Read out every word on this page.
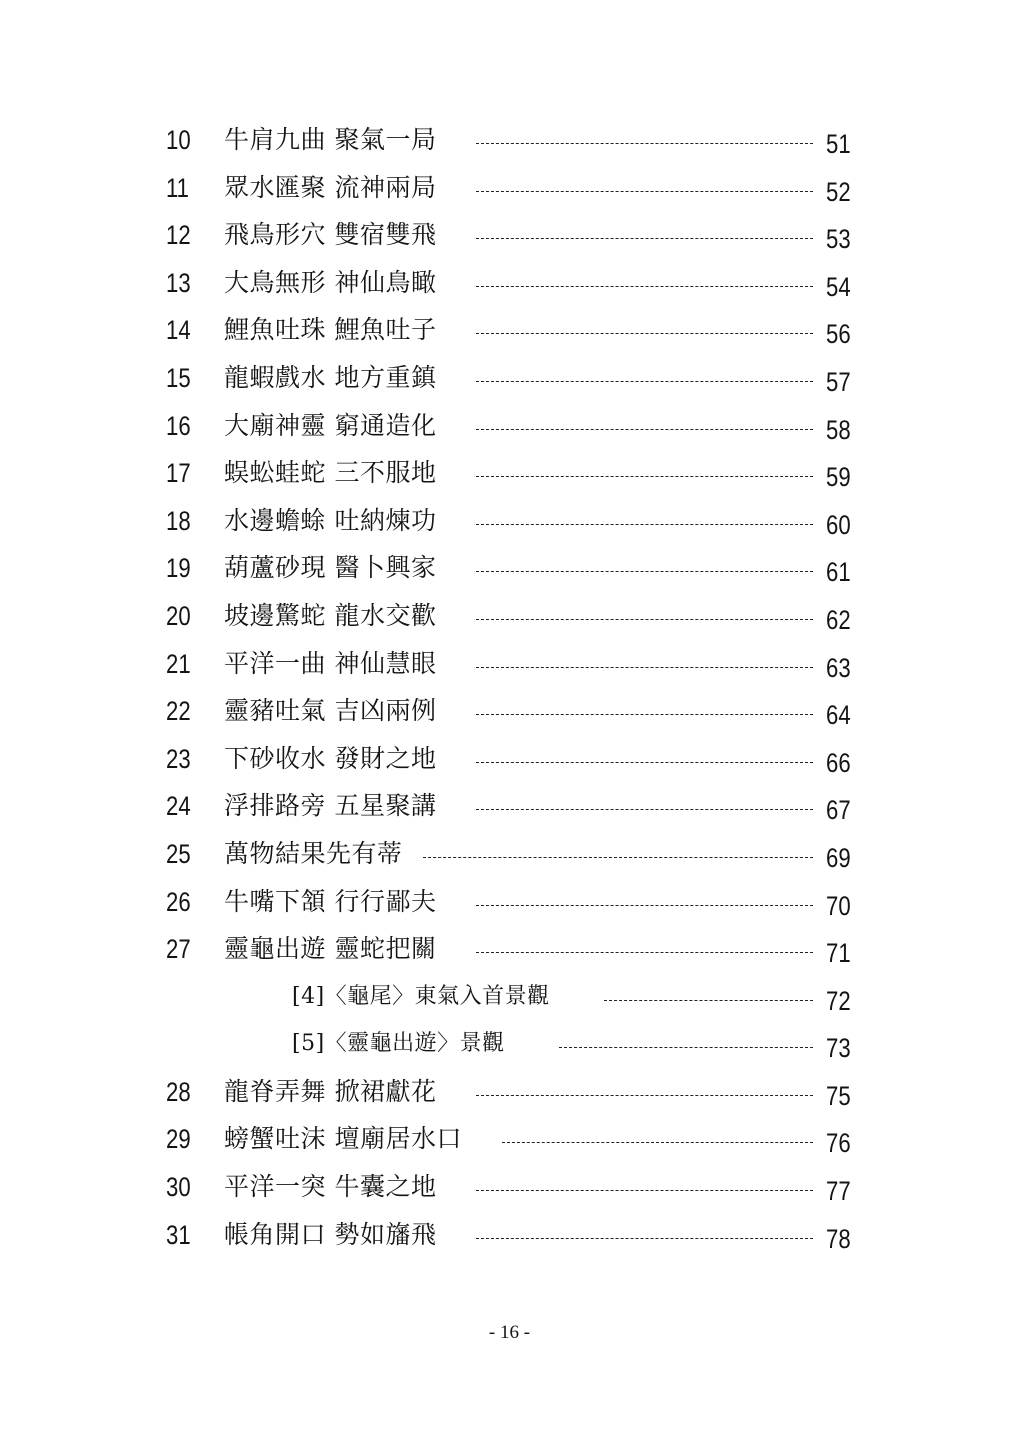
10	牛肩九曲 聚氣一局	51
11	眾水匯聚 流神兩局	52
12	飛鳥形穴 雙宿雙飛	53
13	大鳥無形 神仙鳥瞰	54
14	鯉魚吐珠 鯉魚吐子	56
15	龍蝦戲水 地方重鎮	57
16	大廟神靈 窮通造化	58
17	蜈蚣蛙蛇 三不服地	59
18	水邊蟾蜍 吐納煉功	60
19	葫蘆砂現 醫卜興家	61
20	坡邊驚蛇 龍水交歡	62
21	平洋一曲 神仙慧眼	63
22	靈豬吐氣 吉凶兩例	64
23	下砂收水 發財之地	66
24	浮排路旁 五星聚講	67
25	萬物結果先有蒂	69
26	牛嘴下頷 行行鄙夫	70
27	靈龜出遊 靈蛇把關	71
[4]〈龜尾〉東氣入首景觀	72
[5]〈靈龜出遊〉景觀	73
28	龍脊弄舞 掀裙獻花	75
29	螃蟹吐沫 壇廟居水口	76
30	平洋一突 牛囊之地	77
31	帳角開口 勢如旛飛	78
- 16 -
